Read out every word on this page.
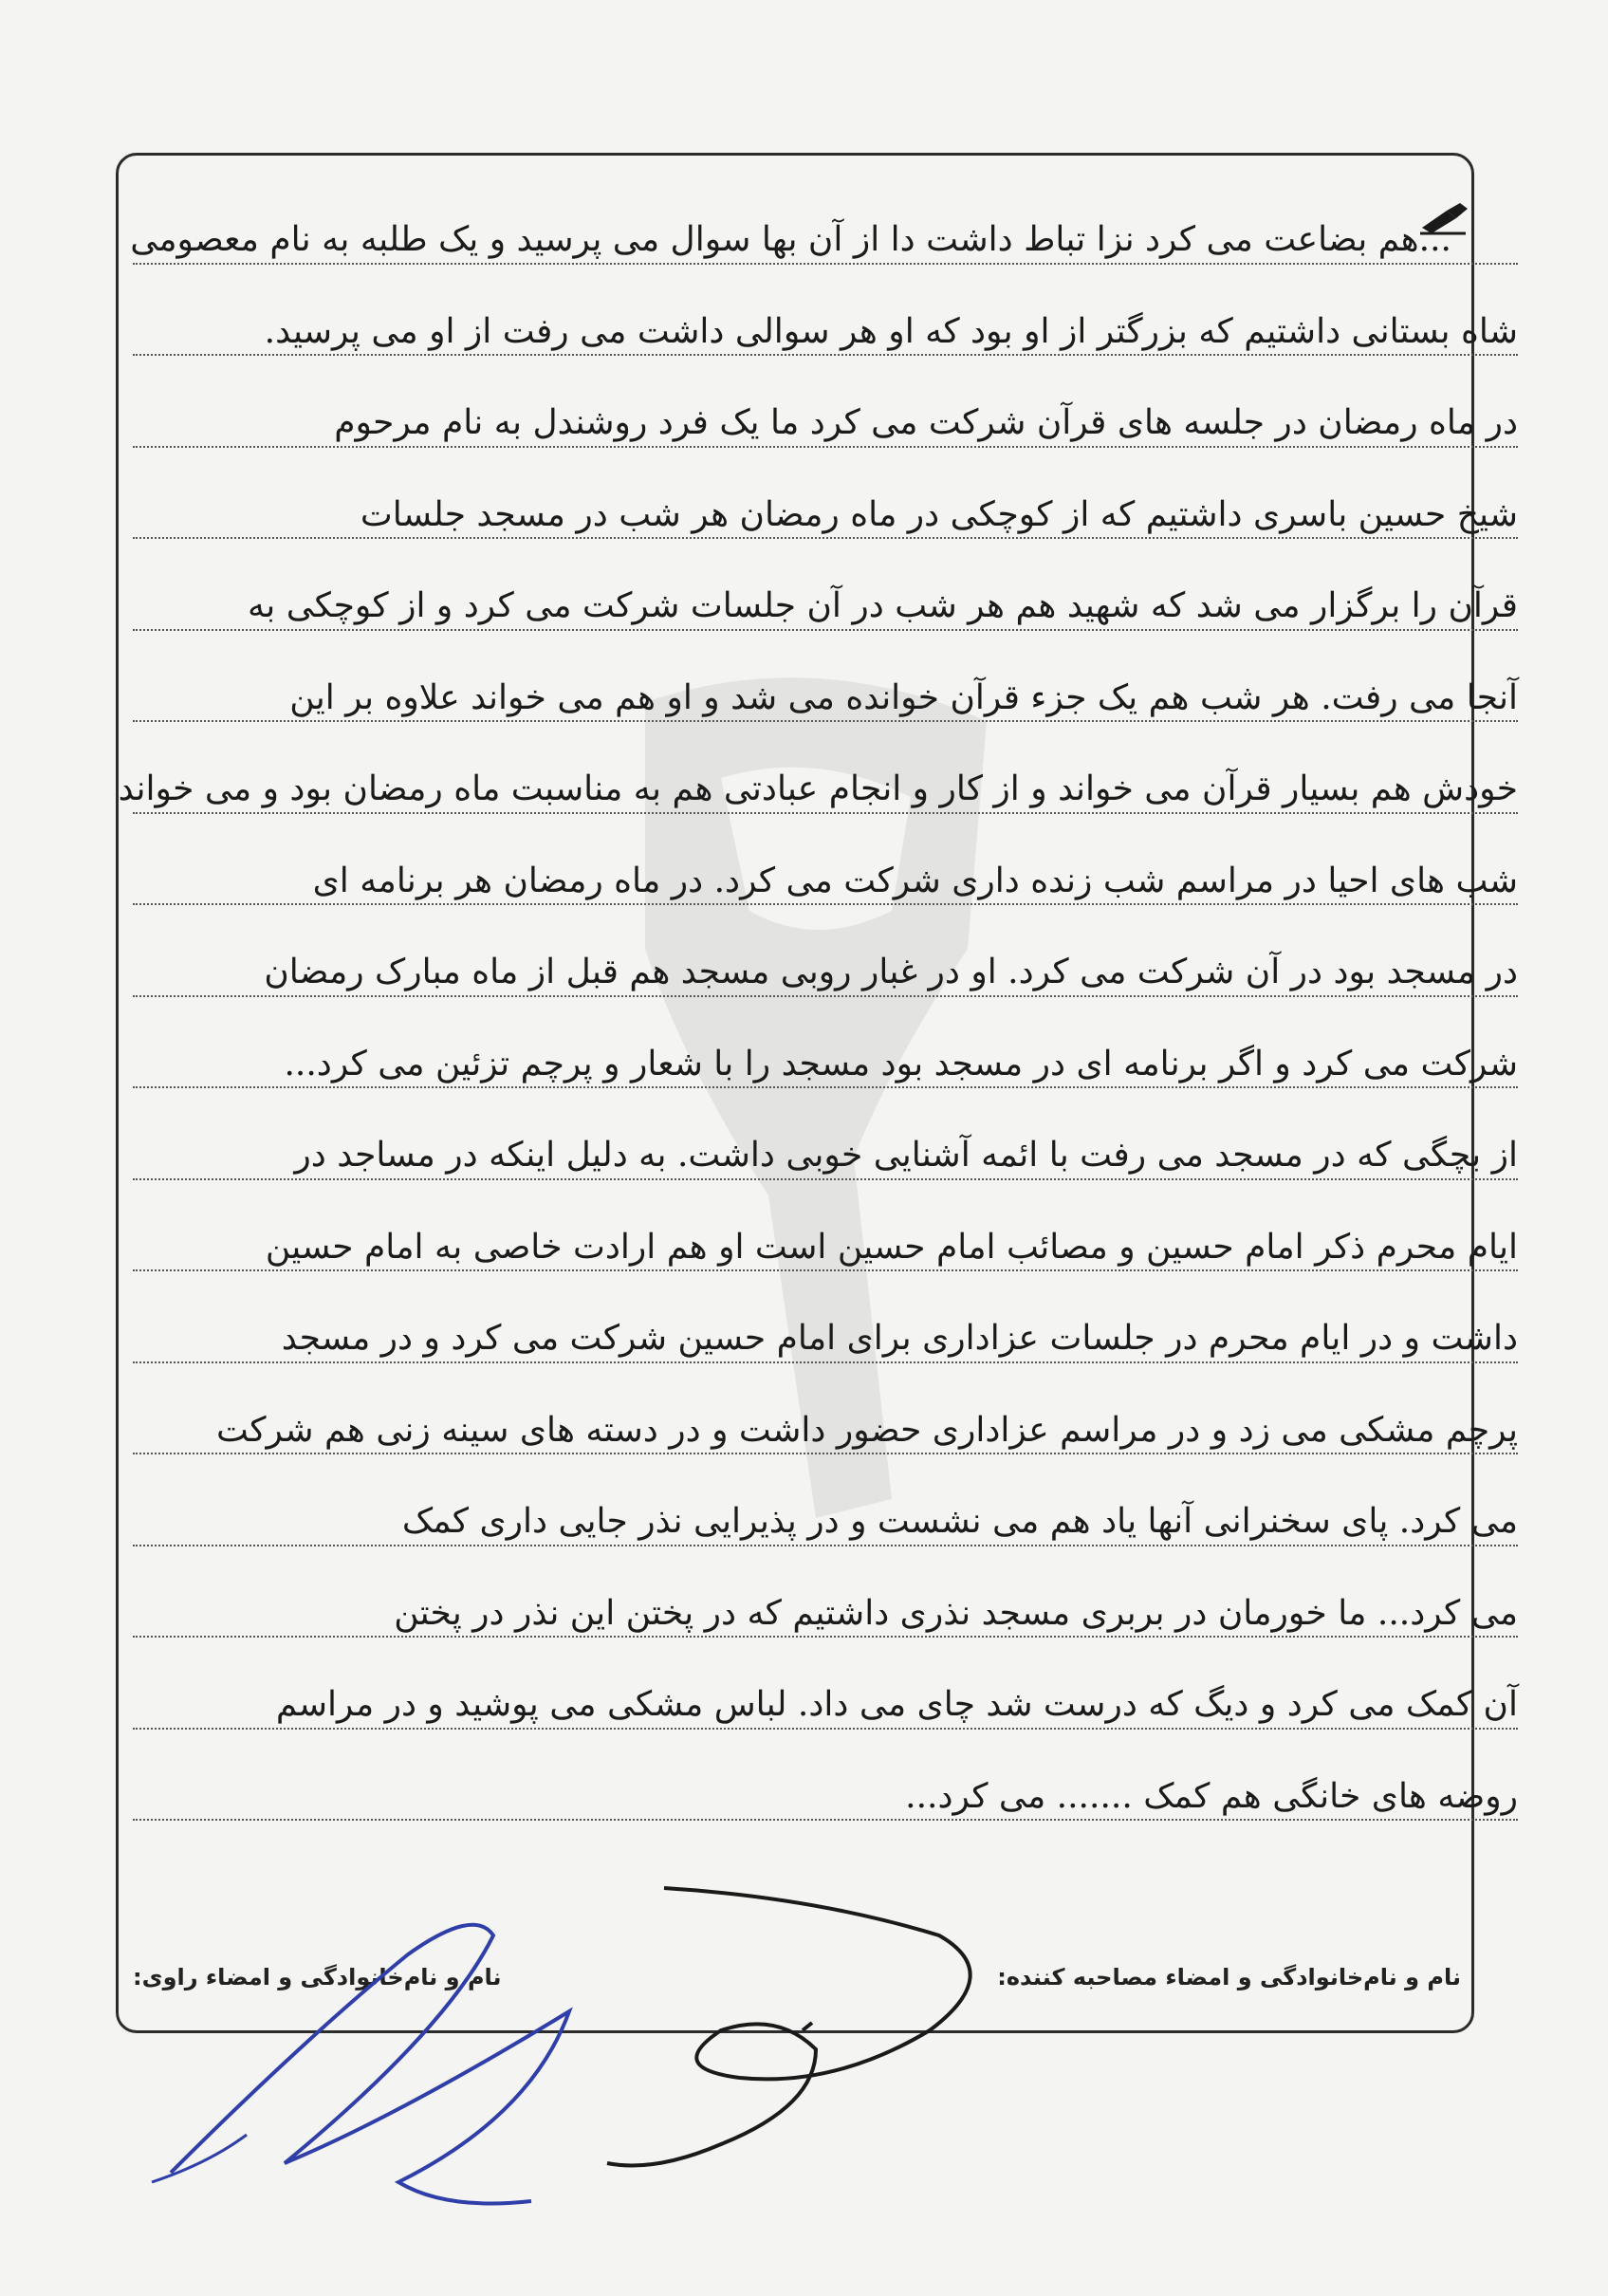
...هم بضاعت می کرد نزا تباط داشت دا از آن بها سوال می پرسید و یک طلبه به نام معصومی
شاه بستانی داشتیم که بزرگتر از او بود که او هر سوالی داشت می رفت از او می پرسید.
در ماه رمضان در جلسه های قرآن شرکت می کرد ما یک فرد روشندل به نام مرحوم
شیخ حسین باسری داشتیم که از کوچکی در ماه رمضان هر شب در مسجد جلسات
قرآن را برگزار می شد که شهید هم هر شب در آن جلسات شرکت می کرد و از کوچکی به
آنجا می رفت. هر شب هم یک جزء قرآن خوانده می شد و او هم می خواند علاوه بر این
خودش هم بسیار قرآن می خواند و از کار و انجام عبادتی هم به مناسبت ماه رمضان بود و می خواند
شب های احیا در مراسم شب زنده داری شرکت می کرد. در ماه رمضان هر برنامه ای
در مسجد بود در آن شرکت می کرد. او در غبار روبی مسجد هم قبل از ماه مبارک رمضان
شرکت می کرد و اگر برنامه ای در مسجد بود مسجد را با شعار و پرچم تزئین می کرد...
از بچگی که در مسجد می رفت با ائمه آشنایی خوبی داشت. به دلیل اینکه در مساجد در
ایام محرم ذکر امام حسین و مصائب امام حسین است او هم ارادت خاصی به امام حسین
داشت و در ایام محرم در جلسات عزاداری برای امام حسین شرکت می کرد و در مسجد
پرچم مشکی می زد و در مراسم عزاداری حضور داشت و در دسته های سینه زنی هم شرکت
می کرد. پای سخنرانی آنها یاد هم می نشست و در پذیرایی نذر جایی داری کمک
می کرد... ما خورمان در بربری مسجد نذری داشتیم که در پختن این نذر در پختن
آن کمک می کرد و دیگ که درست شد چای می داد. لباس مشکی می پوشید و در مراسم
روضه های خانگی هم کمک ....... می کرد...
نام و نام‌خانوادگی و امضاء مصاحبه کننده:
نام و نام‌خانوادگی و امضاء راوی:
